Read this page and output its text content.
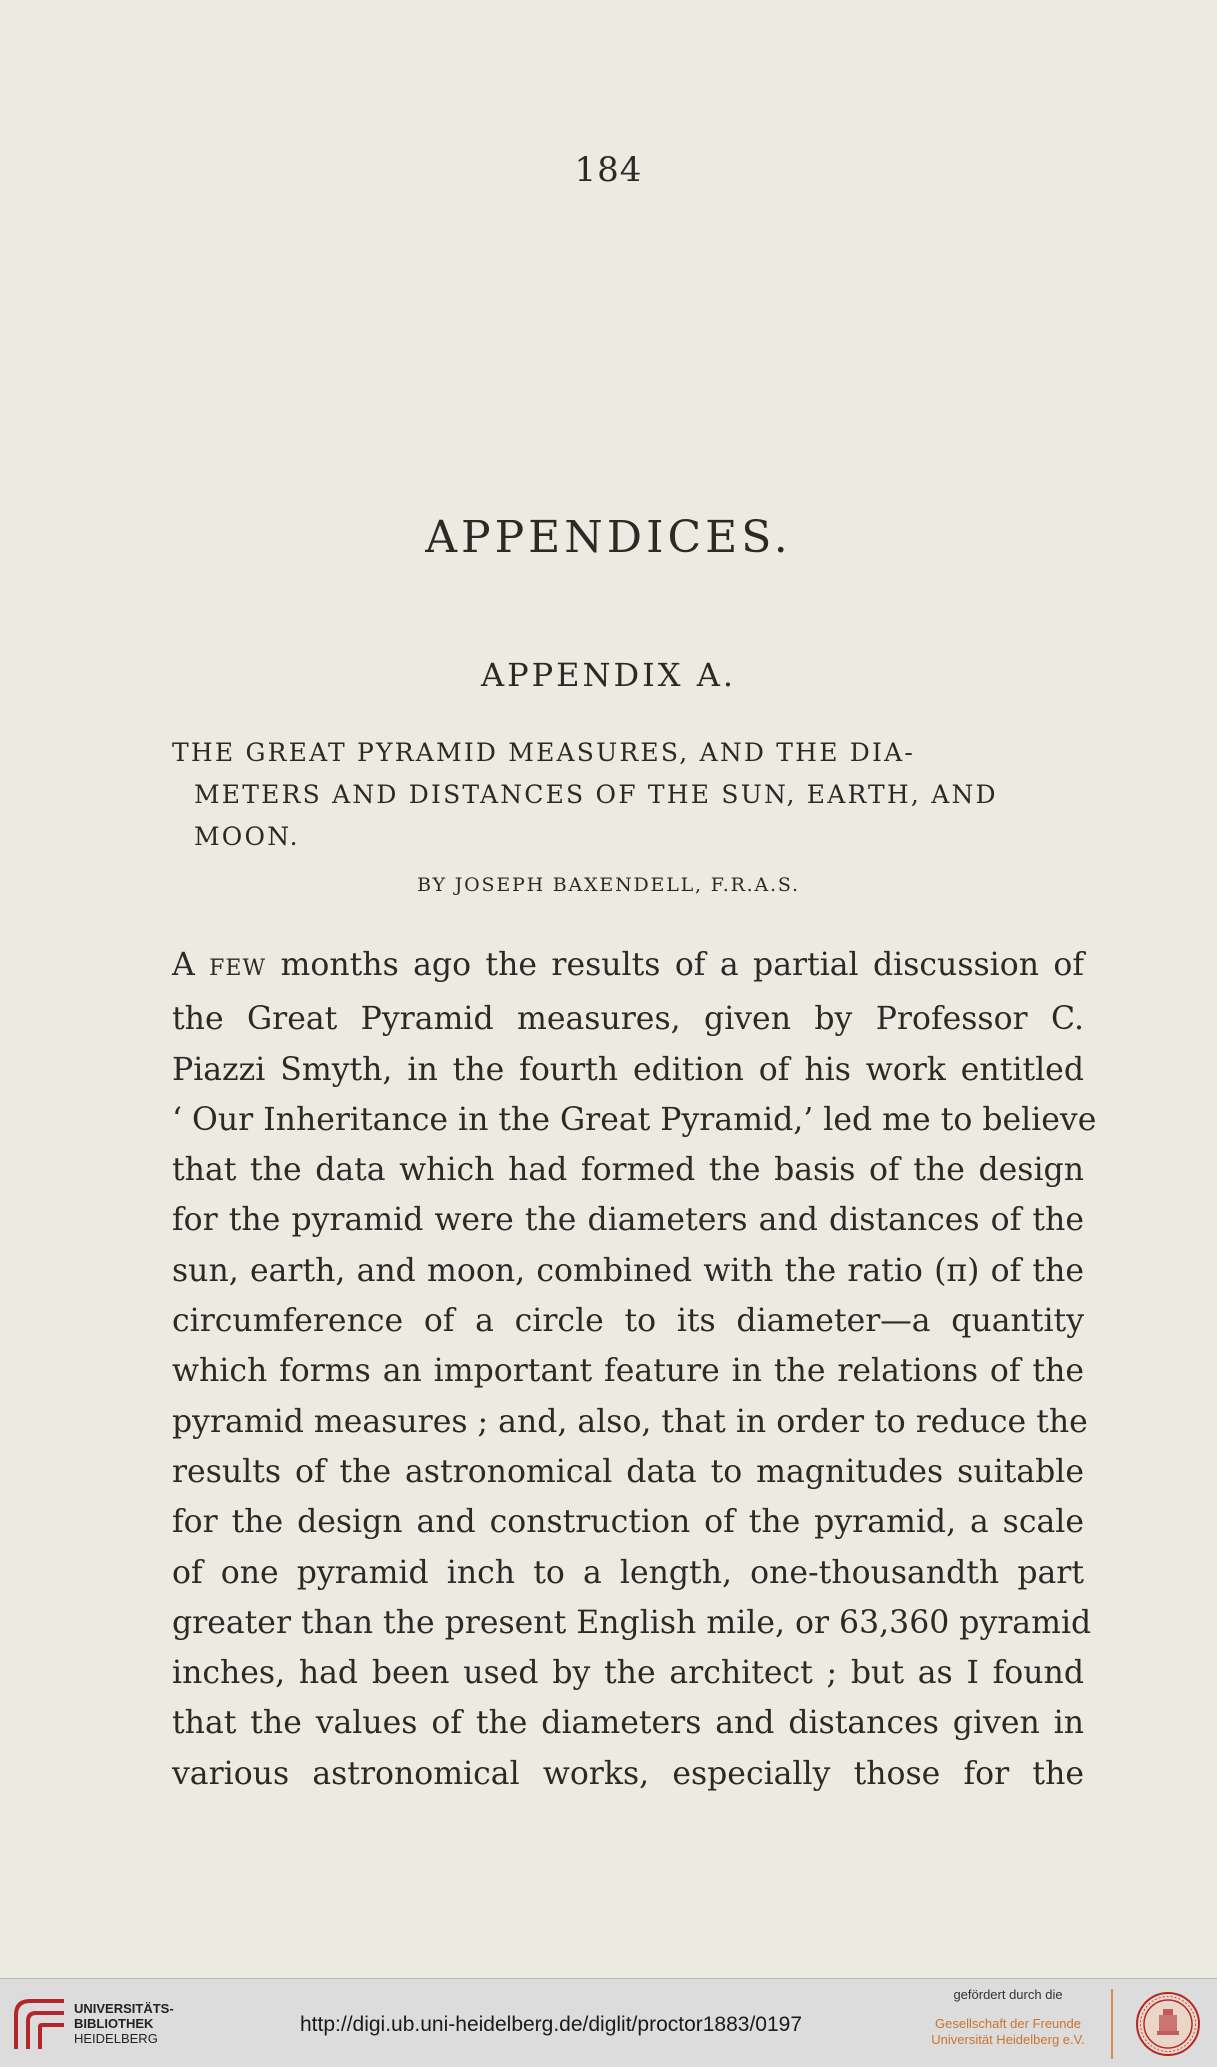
184
APPENDICES.
APPENDIX A.
THE GREAT PYRAMID MEASURES, AND THE DIA-
METERS AND DISTANCES OF THE SUN, EARTH, AND
MOON.
BY JOSEPH BAXENDELL, F.R.A.S.
A FEW months ago the results of a partial discussion of
the Great Pyramid measures, given by Professor C.
Piazzi Smyth, in the fourth edition of his work entitled
‘ Our Inheritance in the Great Pyramid,’ led me to believe
that the data which had formed the basis of the design
for the pyramid were the diameters and distances of the
sun, earth, and moon, combined with the ratio (π) of the
circumference of a circle to its diameter—a quantity
which forms an important feature in the relations of the
pyramid measures ; and, also, that in order to reduce the
results of the astronomical data to magnitudes suitable
for the design and construction of the pyramid, a scale
of one pyramid inch to a length, one-thousandth part
greater than the present English mile, or 63,360 pyramid
inches, had been used by the architect ; but as I found
that the values of the diameters and distances given in
various astronomical works, especially those for the
UNIVERSITÄTS-
BIBLIOTHEK
HEIDELBERG
http://digi.ub.uni-heidelberg.de/diglit/proctor1883/0197
gefördert durch die
Gesellschaft der Freunde
Universität Heidelberg e.V.
